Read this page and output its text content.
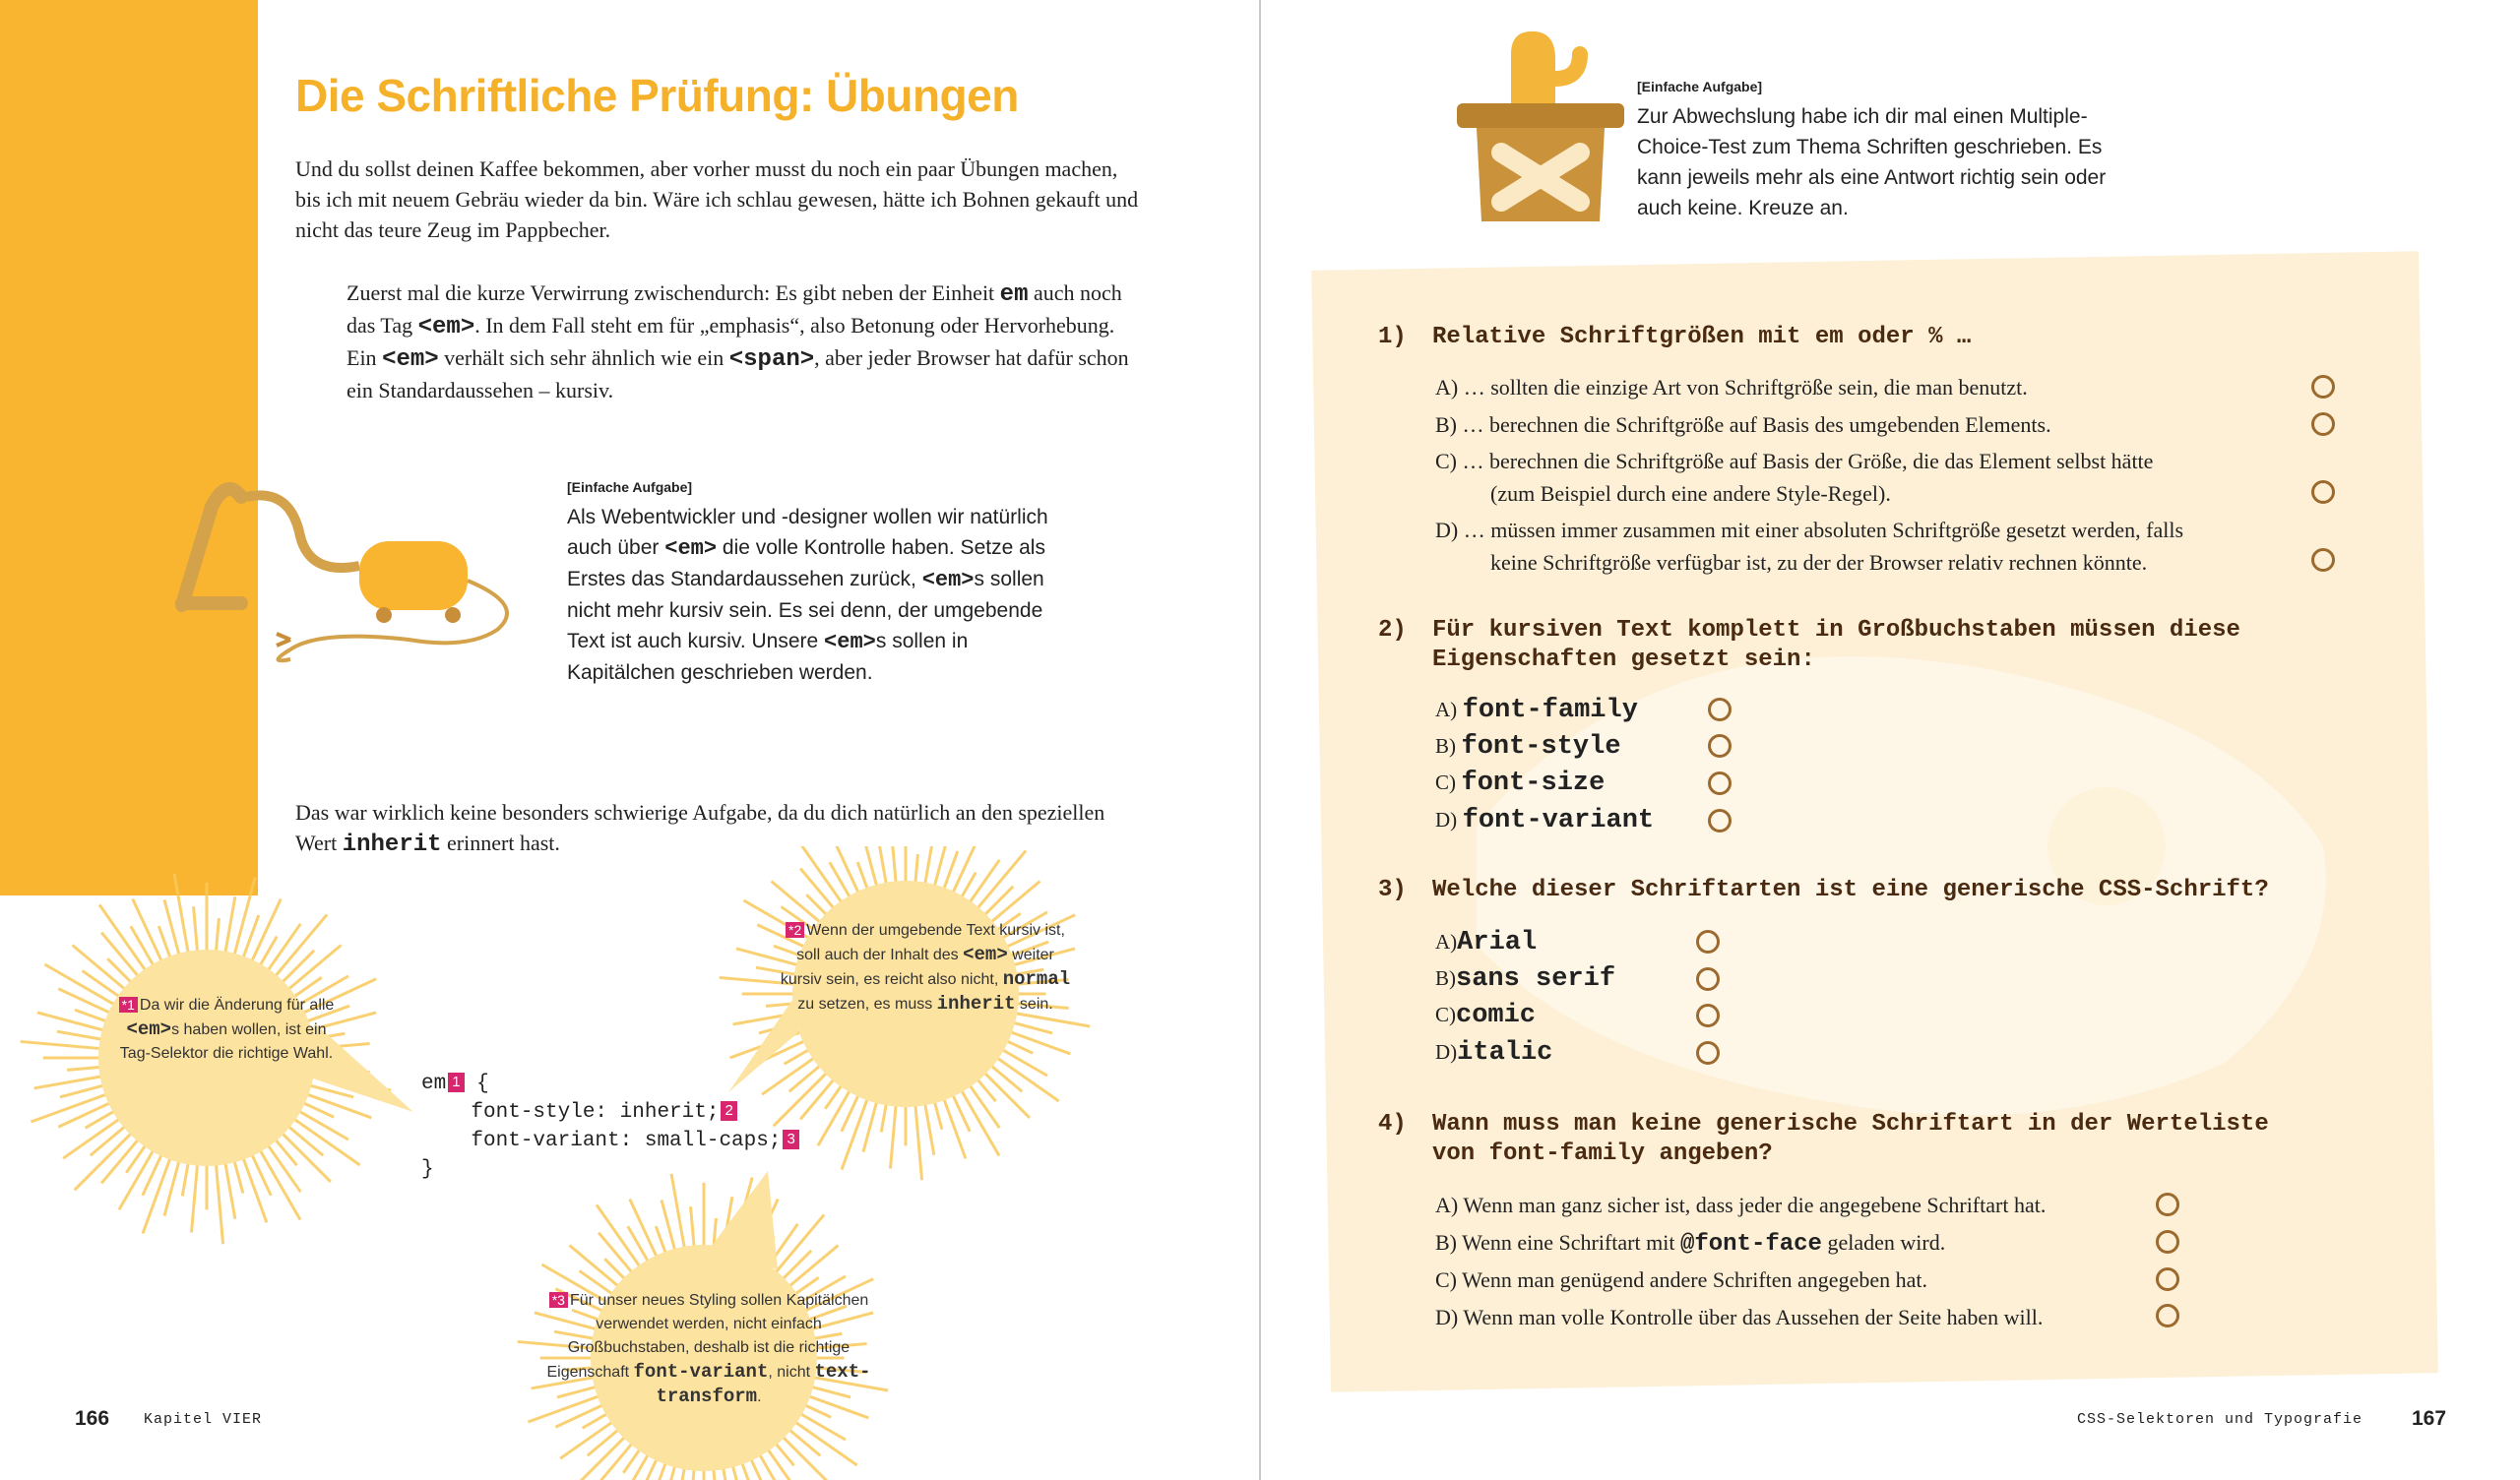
Die Schriftliche Prüfung: Übungen
Und du sollst deinen Kaffee bekommen, aber vorher musst du noch ein paar Übungen machen, bis ich mit neuem Gebräu wieder da bin. Wäre ich schlau gewesen, hätte ich Bohnen gekauft und nicht das teure Zeug im Pappbecher.
Zuerst mal die kurze Verwirrung zwischendurch: Es gibt neben der Einheit em auch noch das Tag <em>. In dem Fall steht em für „emphasis“, also Betonung oder Hervorhebung. Ein <em> verhält sich sehr ähnlich wie ein <span>, aber jeder Browser hat dafür schon ein Standardaussehen – kursiv.
[Einfache Aufgabe]
Als Webentwickler und -designer wollen wir natürlich auch über <em> die volle Kontrolle haben. Setze als Erstes das Standardaussehen zurück, <em>s sollen nicht mehr kursiv sein. Es sei denn, der umgebende Text ist auch kursiv. Unsere <em>s sollen in Kapitälchen geschrieben werden.
Das war wirklich keine besonders schwierige Aufgabe, da du dich natürlich an den speziellen Wert inherit erinnert hast.
*1 Da wir die Änderung für alle <em>s haben wollen, ist ein Tag-Selektor die richtige Wahl.
*2 Wenn der umgebende Text kursiv ist, soll auch der Inhalt des <em> weiter kursiv sein, es reicht also nicht, normal zu setzen, es muss inherit sein.
*3 Für unser neues Styling sollen Kapitälchen verwendet werden, nicht einfach Großbuchstaben, deshalb ist die richtige Eigenschaft font-variant, nicht text-transform.
em 1 {
font-style: inherit; 2
font-variant: small-caps; 3
}
166 Kapitel VIER
[Einfache Aufgabe]
Zur Abwechslung habe ich dir mal einen Multiple-Choice-Test zum Thema Schriften geschrieben. Es kann jeweils mehr als eine Antwort richtig sein oder auch keine. Kreuze an.
1) Relative Schriftgrößen mit em oder % …
A) … sollten die einzige Art von Schriftgröße sein, die man benutzt.
B) … berechnen die Schriftgröße auf Basis des umgebenden Elements.
C) … berechnen die Schriftgröße auf Basis der Größe, die das Element selbst hätte
(zum Beispiel durch eine andere Style-Regel).
D) … müssen immer zusammen mit einer absoluten Schriftgröße gesetzt werden, falls
keine Schriftgröße verfügbar ist, zu der der Browser relativ rechnen könnte.
2) Für kursiven Text komplett in Großbuchstaben müssen diese
Eigenschaften gesetzt sein:
A) font-family
B) font-style
C) font-size
D) font-variant
3) Welche dieser Schriftarten ist eine generische CSS-Schrift?
A)Arial
B)sans serif
C)comic
D)italic
4) Wann muss man keine generische Schriftart in der Werteliste
von font-family angeben?
A) Wenn man ganz sicher ist, dass jeder die angegebene Schriftart hat.
B) Wenn eine Schriftart mit @font-face geladen wird.
C) Wenn man genügend andere Schriften angegeben hat.
D) Wenn man volle Kontrolle über das Aussehen der Seite haben will.
CSS-Selektoren und Typografie 167
